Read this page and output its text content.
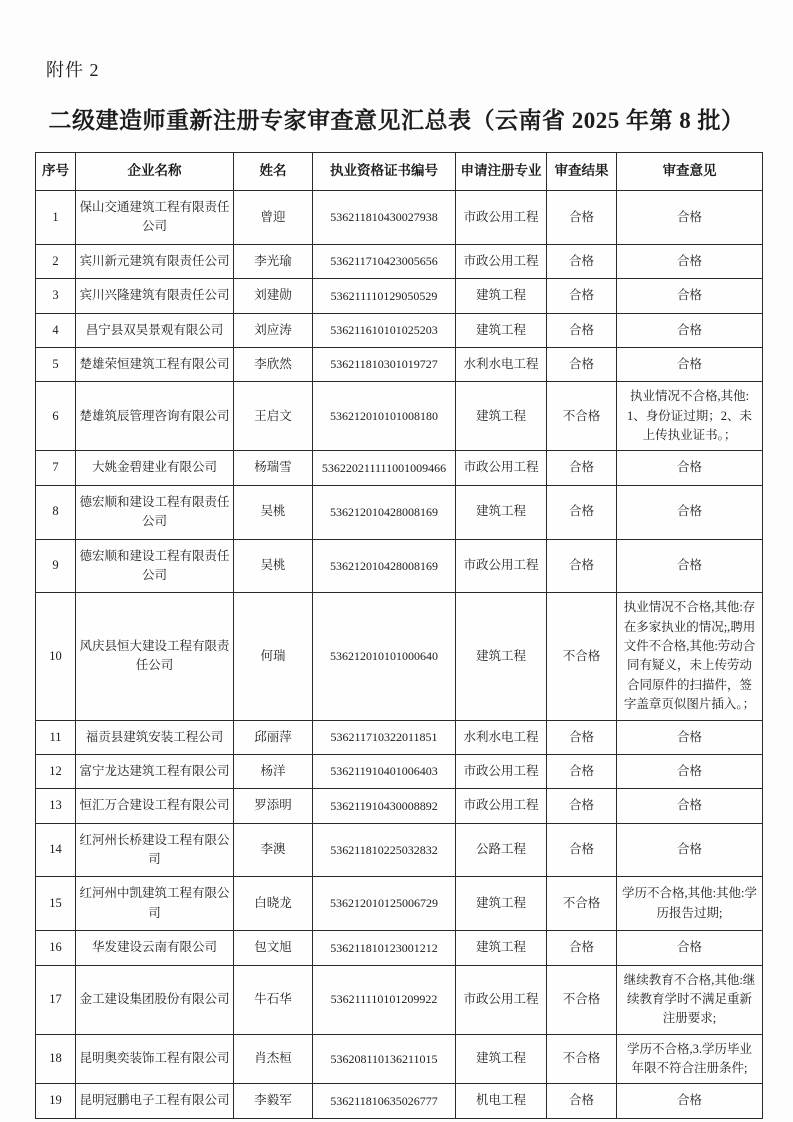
附件 2
二级建造师重新注册专家审查意见汇总表（云南省 2025 年第 8 批）
序号	企业名称	姓名	执业资格证书编号	申请注册专业	审查结果	审查意见
1	保山交通建筑工程有限责任公司	曾迎	536211810430027938	市政公用工程	合格	合格
2	宾川新元建筑有限责任公司	李光瑜	536211710423005656	市政公用工程	合格	合格
3	宾川兴隆建筑有限责任公司	刘建勋	536211110129050529	建筑工程	合格	合格
4	昌宁县双昊景观有限公司	刘应涛	536211610101025203	建筑工程	合格	合格
5	楚雄荣恒建筑工程有限公司	李欣然	536211810301019727	水利水电工程	合格	合格
6	楚雄筑辰管理咨询有限公司	王启文	536212010101008180	建筑工程	不合格	执业情况不合格,其他:1、身份证过期；2、未上传执业证书。；
7	大姚金碧建业有限公司	杨瑞雪	536220211111001009466	市政公用工程	合格	合格
8	德宏顺和建设工程有限责任公司	吴桃	536212010428008169	建筑工程	合格	合格
9	德宏顺和建设工程有限责任公司	吴桃	536212010428008169	市政公用工程	合格	合格
10	风庆县恒大建设工程有限责任公司	何瑞	536212010101000640	建筑工程	不合格	执业情况不合格,其他:存在多家执业的情况;,聘用文件不合格,其他:劳动合同有疑义，未上传劳动合同原件的扫描件，签字盖章页似图片插入。；
11	福贡县建筑安装工程公司	邱丽萍	536211710322011851	水利水电工程	合格	合格
12	富宁龙达建筑工程有限公司	杨洋	536211910401006403	市政公用工程	合格	合格
13	恒汇万合建设工程有限公司	罗添明	536211910430008892	市政公用工程	合格	合格
14	红河州长桥建设工程有限公司	李澳	536211810225032832	公路工程	合格	合格
15	红河州中凯建筑工程有限公司	白晓龙	536212010125006729	建筑工程	不合格	学历不合格,其他:其他:学历报告过期;
16	华发建设云南有限公司	包文旭	536211810123001212	建筑工程	合格	合格
17	金工建设集团股份有限公司	牛石华	536211110101209922	市政公用工程	不合格	继续教育不合格,其他:继续教育学时不满足重新注册要求;
18	昆明奥奕装饰工程有限公司	肖杰桓	536208110136211015	建筑工程	不合格	学历不合格,3.学历毕业年限不符合注册条件;
19	昆明冠鹏电子工程有限公司	李毅军	536211810635026777	机电工程	合格	合格
